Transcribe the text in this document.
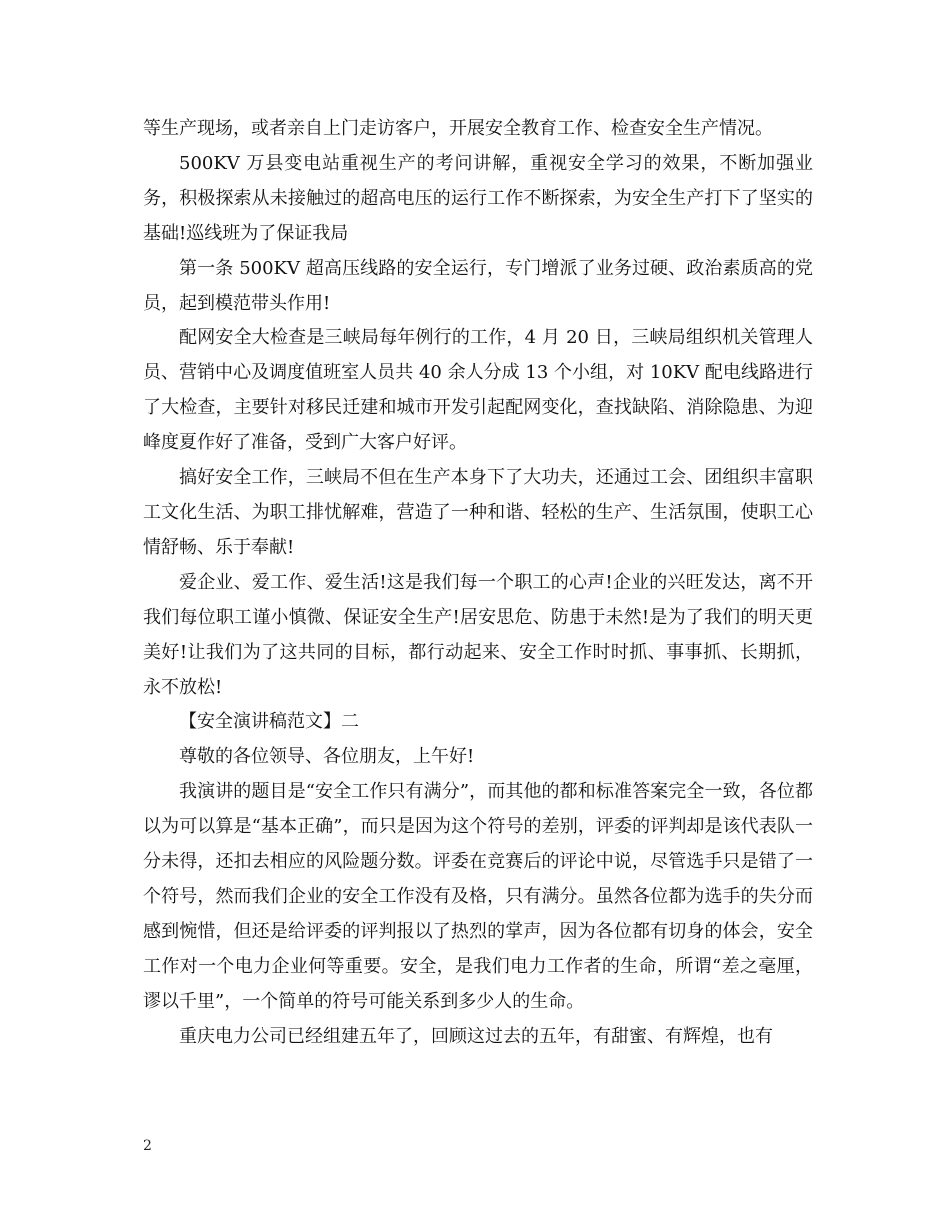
等生产现场，或者亲自上门走访客户，开展安全教育工作、检查安全生产情况。

500KV 万县变电站重视生产的考问讲解，重视安全学习的效果，不断加强业务，积极探索从未接触过的超高电压的运行工作不断探索，为安全生产打下了坚实的基础!巡线班为了保证我局

第一条 500KV 超高压线路的安全运行，专门增派了业务过硬、政治素质高的党员，起到模范带头作用!

配网安全大检查是三峡局每年例行的工作，4 月 20 日，三峡局组织机关管理人员、营销中心及调度值班室人员共 40 余人分成 13 个小组，对 10KV 配电线路进行了大检查，主要针对移民迁建和城市开发引起配网变化，查找缺陷、消除隐患、为迎峰度夏作好了准备，受到广大客户好评。

搞好安全工作，三峡局不但在生产本身下了大功夫，还通过工会、团组织丰富职工文化生活、为职工排忧解难，营造了一种和谐、轻松的生产、生活氛围，使职工心情舒畅、乐于奉献!

爱企业、爱工作、爱生活!这是我们每一个职工的心声!企业的兴旺发达，离不开我们每位职工谨小慎微、保证安全生产!居安思危、防患于未然!是为了我们的明天更美好!让我们为了这共同的目标，都行动起来、安全工作时时抓、事事抓、长期抓，永不放松!

【安全演讲稿范文】二

尊敬的各位领导、各位朋友，上午好!

我演讲的题目是“安全工作只有满分”，而其他的都和标准答案完全一致，各位都以为可以算是“基本正确”，而只是因为这个符号的差别，评委的评判却是该代表队一分未得，还扣去相应的风险题分数。评委在竞赛后的评论中说，尽管选手只是错了一个符号，然而我们企业的安全工作没有及格，只有满分。虽然各位都为选手的失分而感到惋惜，但还是给评委的评判报以了热烈的掌声，因为各位都有切身的体会，安全工作对一个电力企业何等重要。安全，是我们电力工作者的生命，所谓“差之毫厘，谬以千里”，一个简单的符号可能关系到多少人的生命。

重庆电力公司已经组建五年了，回顾这过去的五年，有甜蜜、有辉煌，也有

2
